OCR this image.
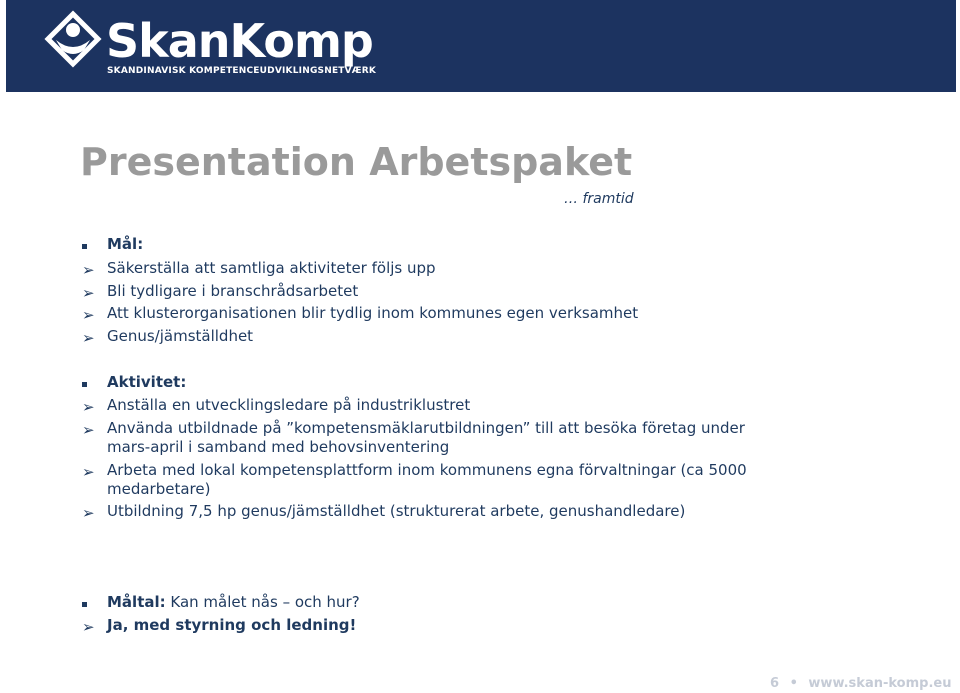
SkanKomp
SKANDINAVISK KOMPETENCEUDVIKLINGSNETVÆRK
Presentation Arbetspaket
… framtid
Mål:
➢ Säkerställa att samtliga aktiviteter följs upp
➢ Bli tydligare i branschrådsarbetet
➢ Att klusterorganisationen blir tydlig inom kommunes egen verksamhet
➢ Genus/jämställdhet
Aktivitet:
➢ Anställa en utvecklingsledare på industriklustret
➢ Använda utbildnade på ”kompetensmäklarutbildningen” till att besöka företag under
mars-april i samband med behovsinventering
➢ Arbeta med lokal kompetensplattform inom kommunens egna förvaltningar (ca 5000
medarbetare)
➢ Utbildning 7,5 hp genus/jämställdhet (strukturerat arbete, genushandledare)
Måltal: Kan målet nås – och hur?
➢ Ja, med styrning och ledning!
6 • www.skan-komp.eu
